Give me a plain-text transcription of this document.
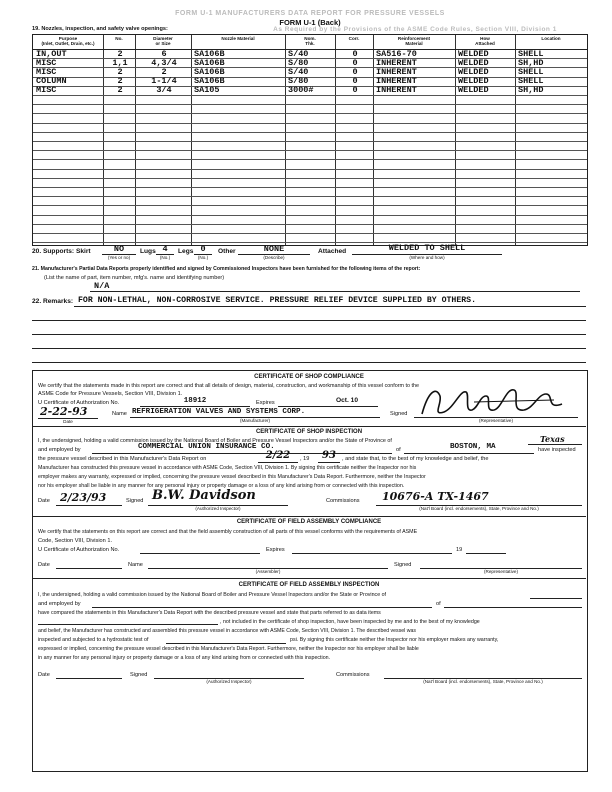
FORM U-1 MANUFACTURERS DATA REPORT FOR PRESSURE VESSELS
FORM U-1 (Back)
As Required by the Provisions of the ASME Code Rules, Section VIII, Division 1
19. Nozzles, inspection, and safety valve openings:
Purpose
(Inlet, Outlet, Drain, etc.)
No.	Diameter
or Size
Nozzle Material	Nom.
Thk.
Corr.	Reinforcement
Material
How
Attached
Location
IN,OUT	2	6	SA106B	S/40	0	SA516-70	WELDED	SHELL
MISC	1,1	4,3/4	SA106B	S/80	0	INHERENT	WELDED	SH,HD
MISC	2	2	SA106B	S/40	0	INHERENT	WELDED	SHELL
COLUMN	2	1-1/4	SA106B	S/80	0	INHERENT	WELDED	SHELL
MISC	2	3/4	SA105	3000#	0	INHERENT	WELDED	SH,HD
20. Supports: Skirt	NO
(Yes or no)
Lugs 4
(No.)
Legs 0
(No.)
Other	NONE
(Describe)
Attached	WELDED TO SHELL
(Where and how)
21. Manufacturer's Partial Data Reports properly identified and signed by Commissioned Inspectors have been furnished for the following items of the report:
(List the name of part, item number, mfg's. name and identifying number)
N/A
22. Remarks: FOR NON-LETHAL, NON-CORROSIVE SERVICE. PRESSURE RELIEF DEVICE SUPPLIED BY OTHERS.
CERTIFICATE OF SHOP COMPLIANCE
We certify that the statements made in this report are correct and that all details of design, material, construction, and workmanship of this vessel conform to the
ASME Code for Pressure Vessels, Section VIII, Division 1.
U Certificate of Authorization No.	18912	Expires	Oct. 10
2-22-93
Date
Name REFRIGERATION VALVES AND SYSTEMS CORP.
(Manufacturer)
Signed
(Representative)
CERTIFICATE OF SHOP INSPECTION
I, the undersigned, holding a valid commission issued by the National Board of Boiler and Pressure Vessel Inspectors and/or the State of Province of	Texas
and employed by	COMMERCIAL UNION INSURANCE CO.	of	BOSTON, MA	have inspected
the pressure vessel described in this Manufacturer's Data Report on	2/22	, 19	93	, and state that, to the best of my knowledge and belief, the
Manufacturer has constructed this pressure vessel in accordance with ASME Code, Section VIII, Division 1. By signing this certificate neither the Inspector nor his
employer makes any warranty, expressed or implied, concerning the pressure vessel described in this Manufacturer's Data Report. Furthermore, neither the Inspector
nor his employer shall be liable in any manner for any personal injury or property damage or a loss of any kind arising from or connected with this inspection.
Date 2/23/93	Signed B.W. Davidson
(Authorized Inspector)
Commissions 10676-A TX-1467
(Nat'l Board (incl. endorsements), State, Province and No.)
CERTIFICATE OF FIELD ASSEMBLY COMPLIANCE
We certify that the statements on this report are correct and that the field assembly construction of all parts of this vessel conforms with the requirements of ASME
Code, Section VIII, Division 1.
U Certificate of Authorization No.	Expires	19
Date	Name
(Assembler)
Signed
(Representative)
CERTIFICATE OF FIELD ASSEMBLY INSPECTION
I, the undersigned, holding a valid commission issued by the National Board of Boiler and Pressure Vessel Inspectors and/or the State or Province of
and employed by	of
have compared the statements in this Manufacturer's Data Report with the described pressure vessel and state that parts referred to as data items
, not included in the certificate of shop inspection, have been inspected by me and to the best of my knowledge
and belief, the Manufacturer has constructed and assembled this pressure vessel in accordance with ASME Code, Section VIII, Division 1. The described vessel was
inspected and subjected to a hydrostatic test of	psi. By signing this certificate neither the Inspector nor his employer makes any warranty,
expressed or implied, concerning the pressure vessel described in this Manufacturer's Data Report. Furthermore, neither the Inspector nor his employer shall be liable
in any manner for any personal injury or property damage or a loss of any kind arising from or connected with this inspection.
Date	Signed
(Authorized Inspector)
Commissions
(Nat'l Board (incl. endorsements), State, Province and No.)
